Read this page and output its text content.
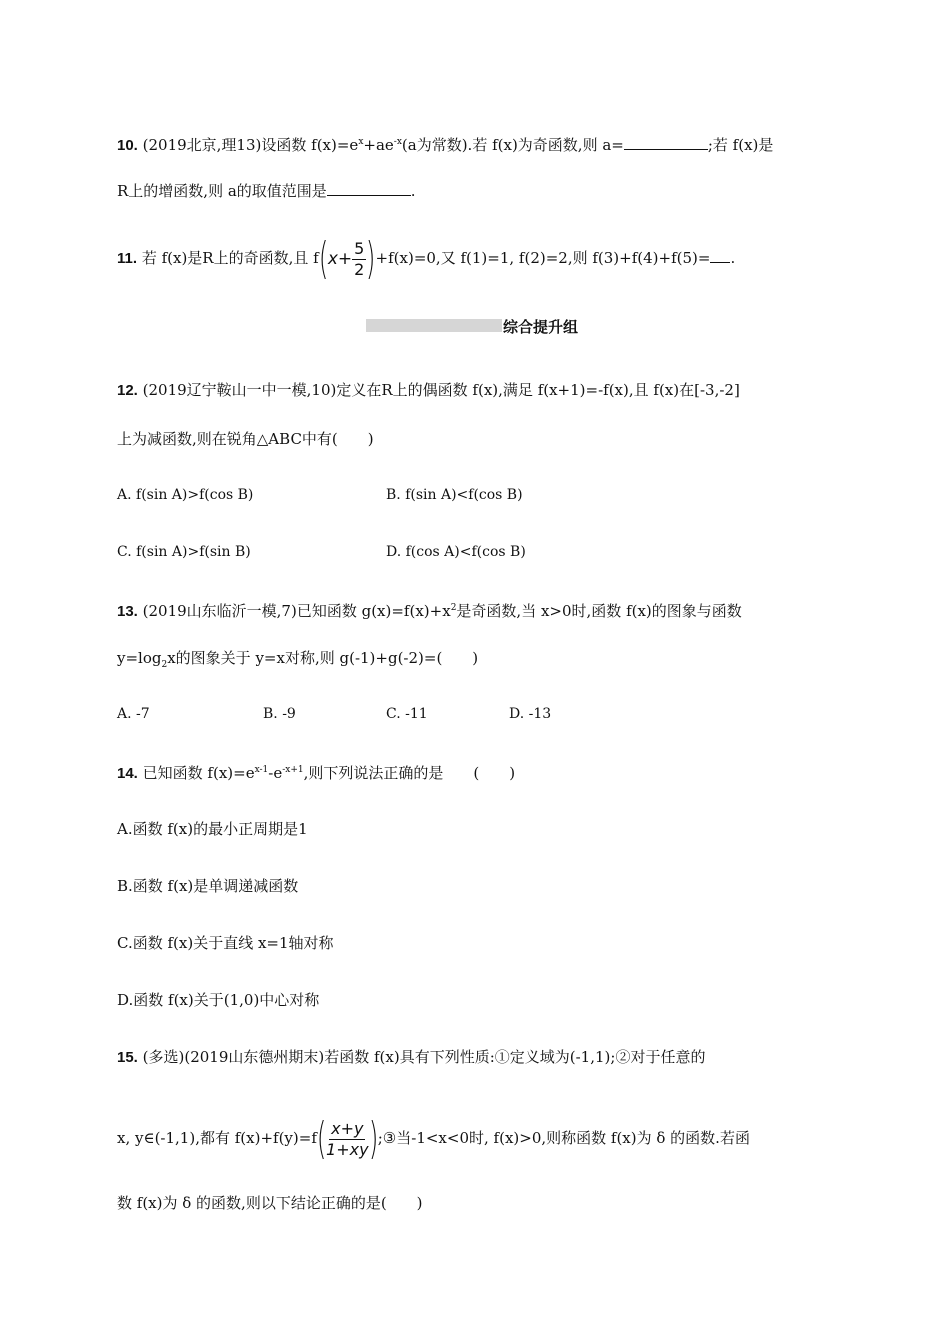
10. (2019北京,理13)设函数 $f(x)=e^x+ae^{-x}(a$为常数).若 f(x)为奇函数,则 a=	;若 f(x)是
R上的增函数,则 a的取值范围是	.
11. 若 f(x)是R上的奇函数,且 $f(x+ \frac{5}{2} )+f(x)=0$,又 f(1)=1, f(2)=2,则 f(3)+f(4)+f(5)= .
综合提升组
12. (2019辽宁鞍山一中一模,10)定义在R上的偶函数 f(x),满足 f(x+1)=-f(x),且 f(x)在[-3,-2]
上为减函数,则在锐角△ABC中有(　　)
A. f(sin A)>f(cos B)	B. f(sin A)<f(cos B)
C. f(sin A)>f(sin B)	D. f(cos A)<f(cos B)
13. (2019山东临沂一模,7)已知函数 $g(x)=f(x)+x^2$是奇函数,当 x>0时,函数 f(x)的图象与函数
$y=\log_2x$的图象关于 y=x对称,则 g(-1)+g(-2)=(　　)
A. -7	B. -9	C. -11	D. -13
14. 已知函数 $f(x)=e^{x-1}-e^{-x+1}$,则下列说法正确的是　　(　　)
A.函数 f(x)的最小正周期是1
B.函数 f(x)是单调递减函数
C.函数 f(x)关于直线 x=1轴对称
D.函数 f(x)关于(1,0)中心对称
15. (多选)(2019山东德州期末)若函数 f(x)具有下列性质:①定义域为(-1,1);②对于任意的
x, y∈(-1,1),都有 $f(x)+f(y)=f( \frac{x+y}{1+xy}$ );③当-1<x<0时, f(x)>0,则称函数 f(x)为 δ 的函数.若函
数 f(x)为 δ 的函数,则以下结论正确的是(　　)
